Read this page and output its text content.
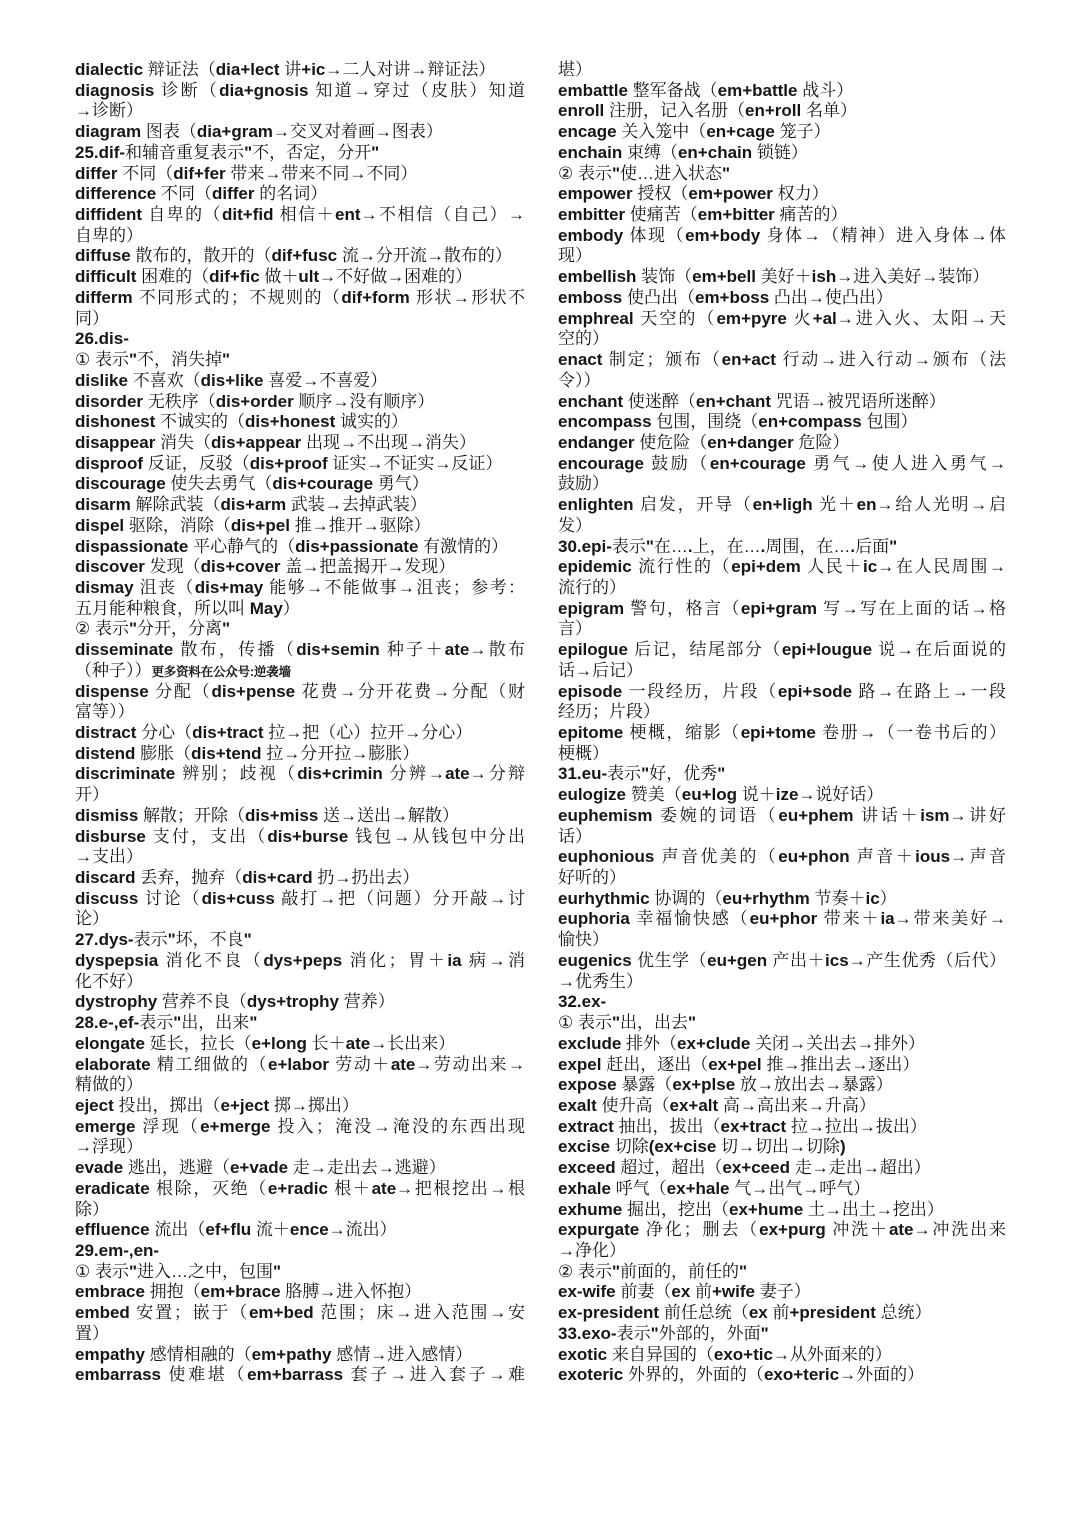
dialectic 辩证法（dia+lect 讲+ic→二人对讲→辩证法）
diagnosis 诊断（dia+gnosis 知道→穿过（皮肤）知道
→诊断）
diagram 图表（dia+gram→交叉对着画→图表）
25.dif-和辅音重复表示"不，否定，分开"
differ 不同（dif+fer 带来→带来不同→不同）
difference 不同（differ 的名词）
diffident 自卑的（dit+fid 相信＋ent→不相信（自己）→
自卑的）
diffuse 散布的，散开的（dif+fusc 流→分开流→散布的）
difficult 困难的（dif+fic 做＋ult→不好做→困难的）
differm 不同形式的；不规则的（dif+form 形状→形状不
同）
26.dis-
① 表示"不，消失掉"
dislike 不喜欢（dis+like 喜爱→不喜爱）
disorder 无秩序（dis+order 顺序→没有顺序）
dishonest 不诚实的（dis+honest 诚实的）
disappear 消失（dis+appear 出现→不出现→消失）
disproof 反证，反驳（dis+proof 证实→不证实→反证）
discourage 使失去勇气（dis+courage 勇气）
disarm 解除武装（dis+arm 武装→去掉武装）
dispel 驱除，消除（dis+pel 推→推开→驱除）
dispassionate 平心静气的（dis+passionate 有激情的）
discover 发现（dis+cover 盖→把盖揭开→发现）
dismay 沮丧（dis+may 能够→不能做事→沮丧；参考：
五月能种粮食，所以叫 May）
② 表示"分开，分离"
disseminate 散布，传播（dis+semin 种子＋ate→散布
（种子））更多资料在公众号:逆袭墙
dispense 分配（dis+pense 花费→分开花费→分配（财
富等））
distract 分心（dis+tract 拉→把（心）拉开→分心）
distend 膨胀（dis+tend 拉→分开拉→膨胀）
discriminate 辨别；歧视（dis+crimin 分辨→ate→分辩
开）
dismiss 解散；开除（dis+miss 送→送出→解散）
disburse 支付，支出（dis+burse 钱包→从钱包中分出
→支出）
discard 丢弃，抛弃（dis+card 扔→扔出去）
discuss 讨论（dis+cuss 敲打→把（问题）分开敲→讨
论）
27.dys-表示"坏，不良"
dyspepsia 消化不良（dys+peps 消化；胃＋ia 病→消
化不好）
dystrophy 营养不良（dys+trophy 营养）
28.e-,ef-表示"出，出来"
elongate 延长，拉长（e+long 长＋ate→长出来）
elaborate 精工细做的（e+labor 劳动＋ate→劳动出来→
精做的）
eject 投出，掷出（e+ject 掷→掷出）
emerge 浮现（e+merge 投入；淹没→淹没的东西出现
→浮现）
evade 逃出，逃避（e+vade 走→走出去→逃避）
eradicate 根除，灭绝（e+radic 根＋ate→把根挖出→根
除）
effluence 流出（ef+flu 流＋ence→流出）
29.em-,en-
① 表示"进入…之中，包围"
embrace 拥抱（em+brace 胳膊→进入怀抱）
embed 安置；嵌于（em+bed 范围；床→进入范围→安
置）
empathy 感情相融的（em+pathy 感情→进入感情）
embarrass 使难堪（em+barrass 套子→进入套子→难
堪）
embattle 整军备战（em+battle 战斗）
enroll 注册，记入名册（en+roll 名单）
encage 关入笼中（en+cage 笼子）
enchain 束缚（en+chain 锁链）
② 表示"使…进入状态"
empower 授权（em+power 权力）
embitter 使痛苦（em+bitter 痛苦的）
embody 体现（em+body 身体→（精神）进入身体→体
现）
embellish 装饰（em+bell 美好＋ish→进入美好→装饰）
emboss 使凸出（em+boss 凸出→使凸出）
emphreal 天空的（em+pyre 火+al→进入火、太阳→天
空的）
enact 制定；颁布（en+act 行动→进入行动→颁布（法
令））
enchant 使迷醉（en+chant 咒语→被咒语所迷醉）
encompass 包围，围绕（en+compass 包围）
endanger 使危险（en+danger 危险）
encourage 鼓励（en+courage 勇气→使人进入勇气→
鼓励）
enlighten 启发，开导（en+ligh 光＋en→给人光明→启
发）
30.epi-表示"在….上，在….周围，在….后面"
epidemic 流行性的（epi+dem 人民＋ic→在人民周围→
流行的）
epigram 警句，格言（epi+gram 写→写在上面的话→格
言）
epilogue 后记，结尾部分（epi+lougue 说→在后面说的
话→后记）
episode 一段经历，片段（epi+sode 路→在路上→一段
经历；片段）
epitome 梗概，缩影（epi+tome 卷册→（一卷书后的）
梗概）
31.eu-表示"好，优秀"
eulogize 赞美（eu+log 说＋ize→说好话）
euphemism 委婉的词语（eu+phem 讲话＋ism→讲好
话）
euphonious 声音优美的（eu+phon 声音＋ious→声音
好听的）
eurhythmic 协调的（eu+rhythm 节奏＋ic）
euphoria 幸福愉快感（eu+phor 带来＋ia→带来美好→
愉快）
eugenics 优生学（eu+gen 产出＋ics→产生优秀（后代）
→优秀生）
32.ex-
① 表示"出，出去"
exclude 排外（ex+clude 关闭→关出去→排外）
expel 赶出，逐出（ex+pel 推→推出去→逐出）
expose 暴露（ex+plse 放→放出去→暴露）
exalt 使升高（ex+alt 高→高出来→升高）
extract 抽出，拔出（ex+tract 拉→拉出→拔出）
excise 切除(ex+cise 切→切出→切除)
exceed 超过，超出（ex+ceed 走→走出→超出）
exhale 呼气（ex+hale 气→出气→呼气）
exhume 掘出，挖出（ex+hume 土→出土→挖出）
expurgate 净化；删去（ex+purg 冲洗＋ate→冲洗出来
→净化）
② 表示"前面的，前任的"
ex-wife 前妻（ex 前+wife 妻子）
ex-president 前任总统（ex 前+president 总统）
33.exo-表示"外部的，外面"
exotic 来自异国的（exo+tic→从外面来的）
exoteric 外界的，外面的（exo+teric→外面的）
